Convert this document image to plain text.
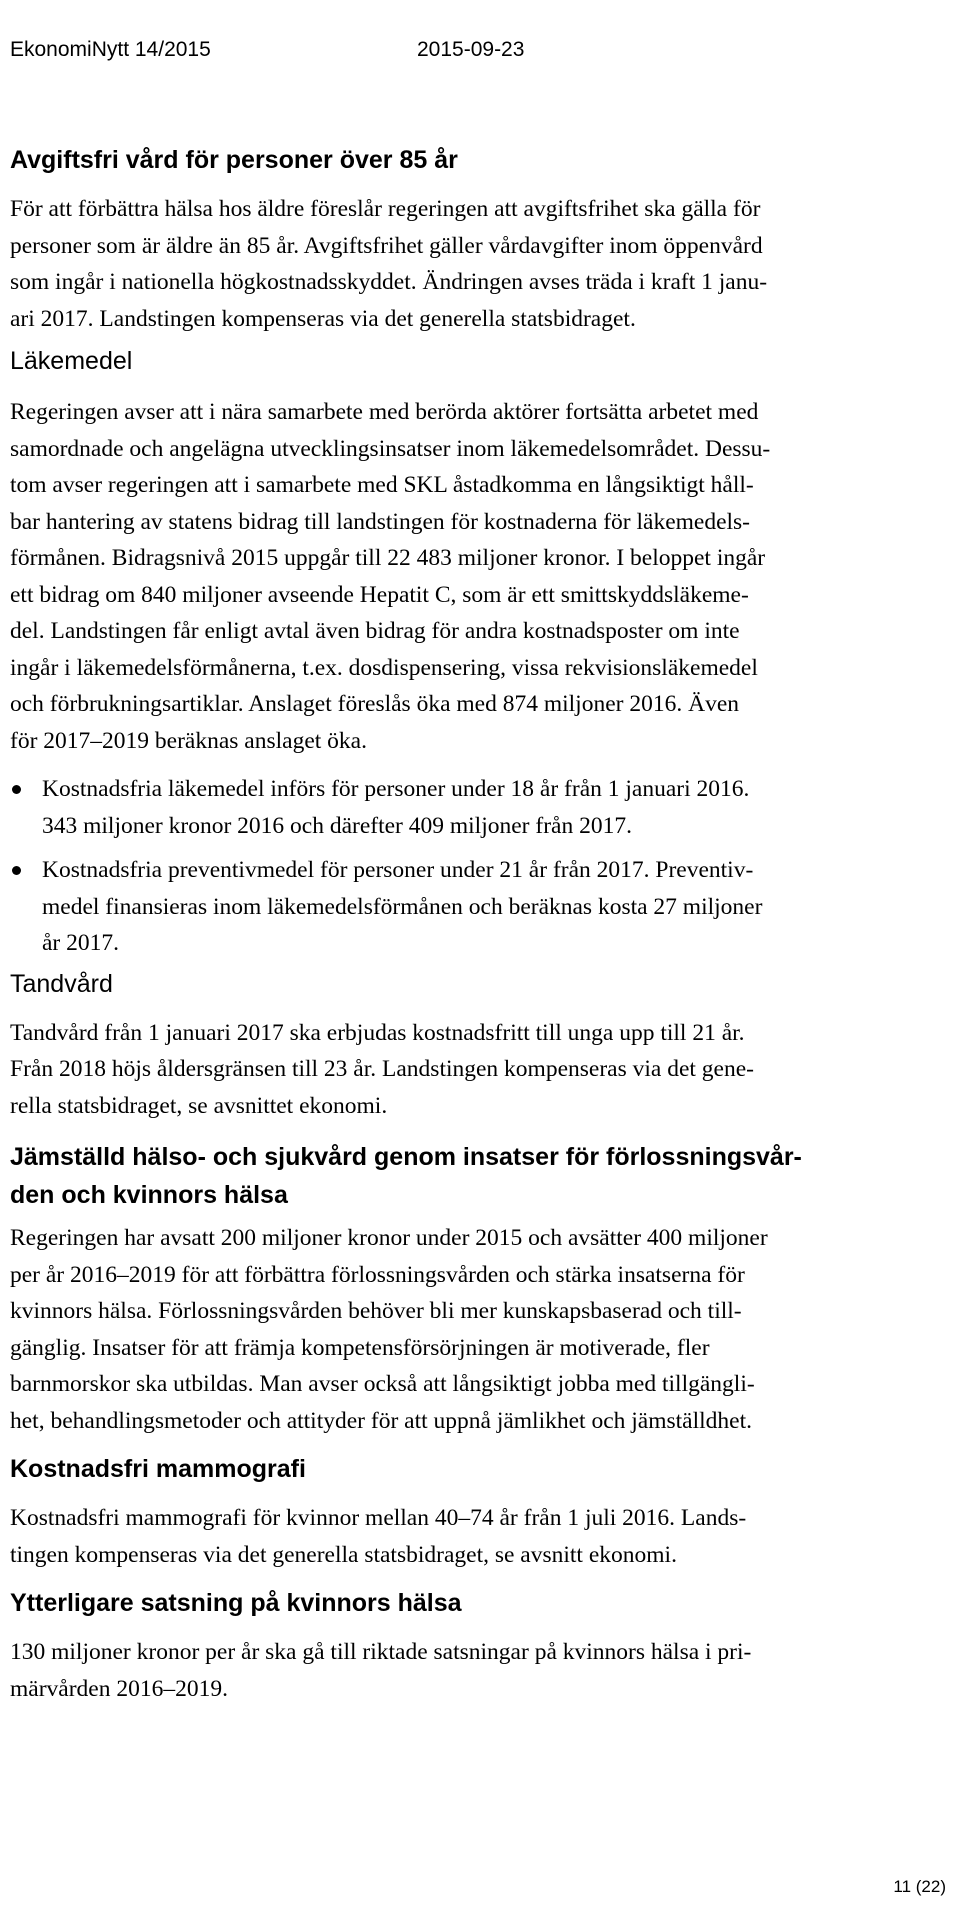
EkonomiNytt 14/2015	2015-09-23
Avgiftsfri vård för personer över 85 år

För att förbättra hälsa hos äldre föreslår regeringen att avgiftsfrihet ska gälla för
personer som är äldre än 85 år. Avgiftsfrihet gäller vårdavgifter inom öppenvård
som ingår i nationella högkostnadsskyddet. Ändringen avses träda i kraft 1 janu-
ari 2017. Landstingen kompenseras via det generella statsbidraget.

Läkemedel

Regeringen avser att i nära samarbete med berörda aktörer fortsätta arbetet med
samordnade och angelägna utvecklingsinsatser inom läkemedelsområdet. Dessu-
tom avser regeringen att i samarbete med SKL åstadkomma en långsiktigt håll-
bar hantering av statens bidrag till landstingen för kostnaderna för läkemedels-
förmånen. Bidragsnivå 2015 uppgår till 22 483 miljoner kronor. I beloppet ingår
ett bidrag om 840 miljoner avseende Hepatit C, som är ett smittskyddsläkeme-
del. Landstingen får enligt avtal även bidrag för andra kostnadsposter om inte
ingår i läkemedelsförmånerna, t.ex. dosdispensering, vissa rekvisionsläkemedel
och förbrukningsartiklar. Anslaget föreslås öka med 874 miljoner 2016. Även
för 2017–2019 beräknas anslaget öka.

Kostnadsfria läkemedel införs för personer under 18 år från 1 januari 2016.
343 miljoner kronor 2016 och därefter 409 miljoner från 2017.
Kostnadsfria preventivmedel för personer under 21 år från 2017. Preventiv-
medel finansieras inom läkemedelsförmånen och beräknas kosta 27 miljoner
år 2017.
Tandvård

Tandvård från 1 januari 2017 ska erbjudas kostnadsfritt till unga upp till 21 år.
Från 2018 höjs åldersgränsen till 23 år. Landstingen kompenseras via det gene-
rella statsbidraget, se avsnittet ekonomi.

Jämställd hälso- och sjukvård genom insatser för förlossningsvår-
den och kvinnors hälsa

Regeringen har avsatt 200 miljoner kronor under 2015 och avsätter 400 miljoner
per år 2016–2019 för att förbättra förlossningsvården och stärka insatserna för
kvinnors hälsa. Förlossningsvården behöver bli mer kunskapsbaserad och till-
gänglig. Insatser för att främja kompetensförsörjningen är motiverade, fler
barnmorskor ska utbildas. Man avser också att långsiktigt jobba med tillgängli-
het, behandlingsmetoder och attityder för att uppnå jämlikhet och jämställdhet.

Kostnadsfri mammografi

Kostnadsfri mammografi för kvinnor mellan 40–74 år från 1 juli 2016. Lands-
tingen kompenseras via det generella statsbidraget, se avsnitt ekonomi.

Ytterligare satsning på kvinnors hälsa

130 miljoner kronor per år ska gå till riktade satsningar på kvinnors hälsa i pri-
märvården 2016–2019.

11 (22)
